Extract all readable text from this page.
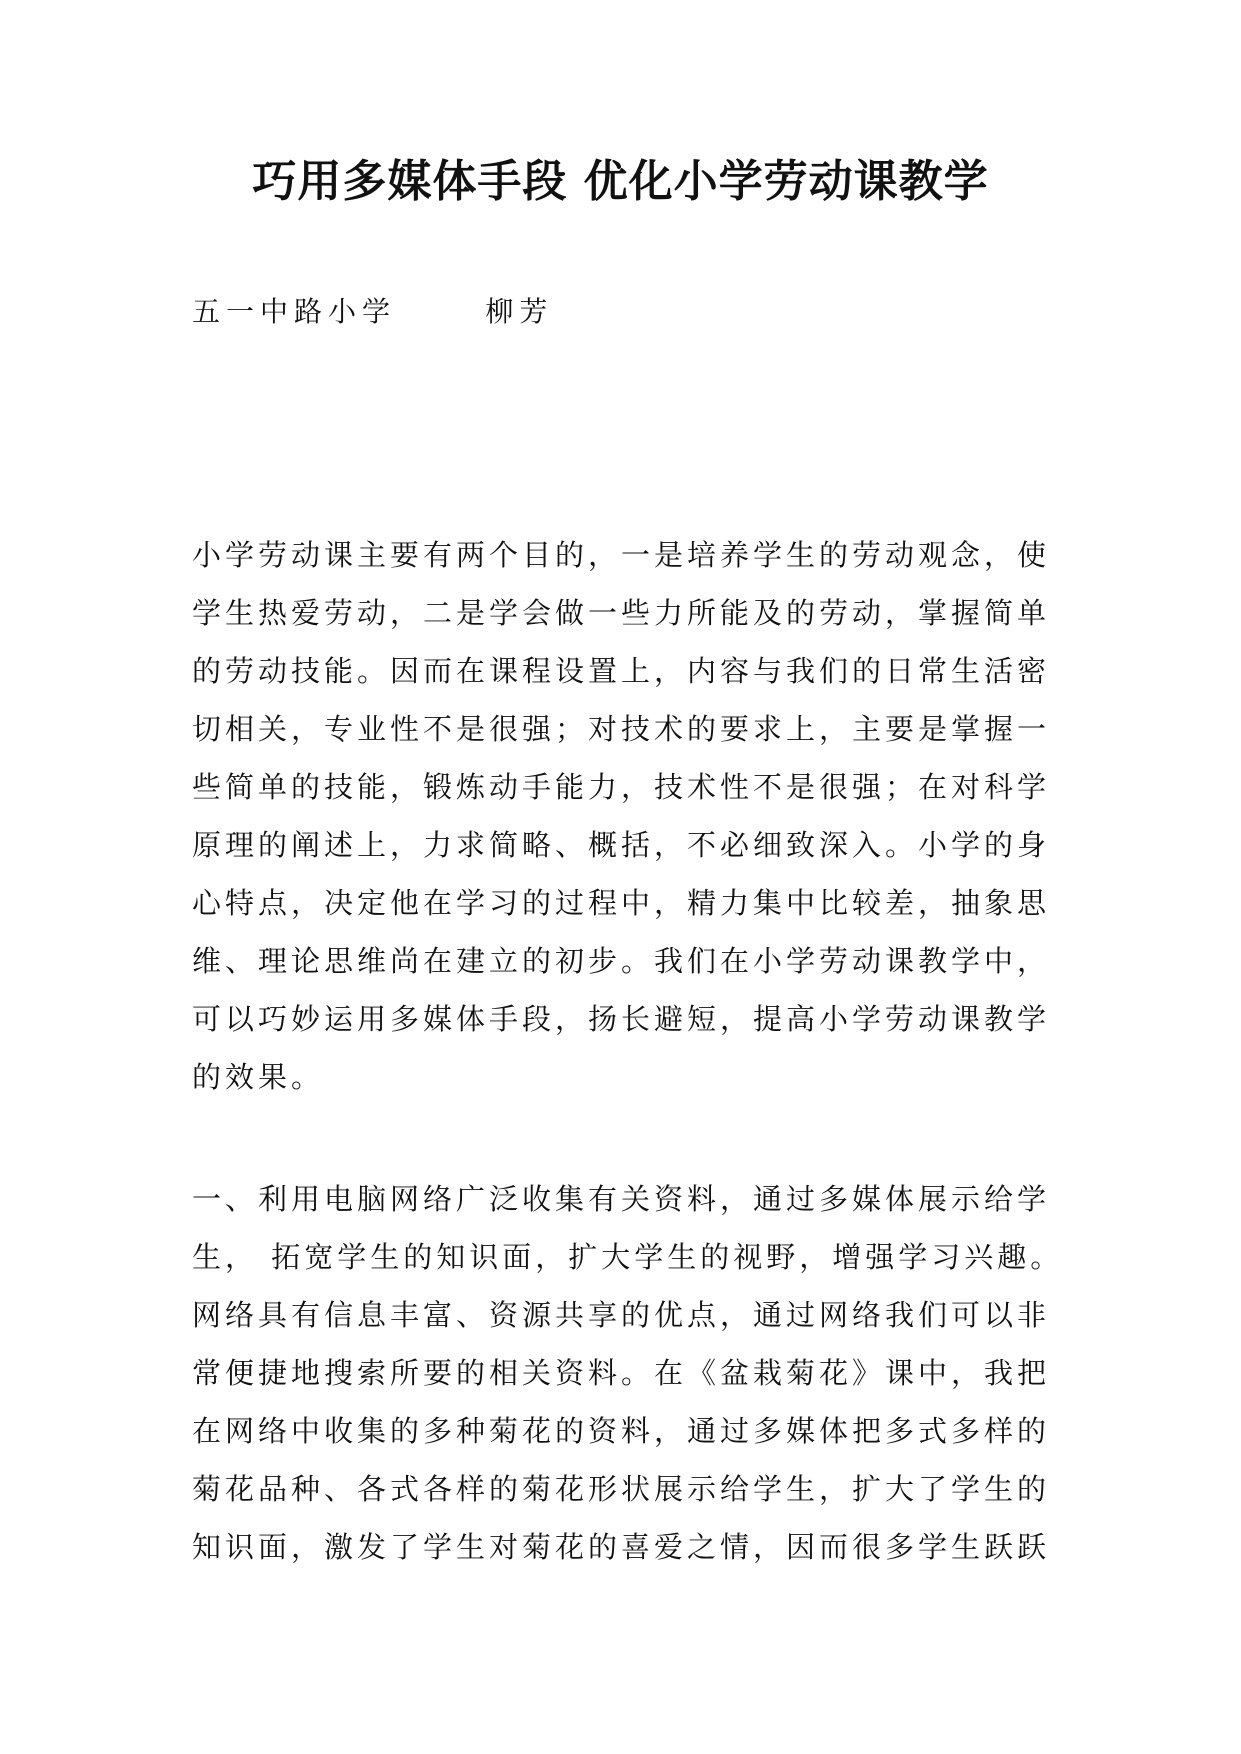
巧用多媒体手段 优化小学劳动课教学

五一中路小学      柳芳

小学劳动课主要有两个目的，一是培养学生的劳动观念，使
学生热爱劳动，二是学会做一些力所能及的劳动，掌握简单
的劳动技能。因而在课程设置上，内容与我们的日常生活密
切相关，专业性不是很强；对技术的要求上，主要是掌握一
些简单的技能，锻炼动手能力，技术性不是很强；在对科学
原理的阐述上，力求简略、概括，不必细致深入。小学的身
心特点，决定他在学习的过程中，精力集中比较差，抽象思
维、理论思维尚在建立的初步。我们在小学劳动课教学中，
可以巧妙运用多媒体手段，扬长避短，提高小学劳动课教学
的效果。
一、利用电脑网络广泛收集有关资料，通过多媒体展示给学
生， 拓宽学生的知识面，扩大学生的视野，增强学习兴趣。
网络具有信息丰富、资源共享的优点，通过网络我们可以非
常便捷地搜索所要的相关资料。在《盆栽菊花》课中，我把
在网络中收集的多种菊花的资料，通过多媒体把多式多样的
菊花品种、各式各样的菊花形状展示给学生，扩大了学生的
知识面，激发了学生对菊花的喜爱之情，因而很多学生跃跃
